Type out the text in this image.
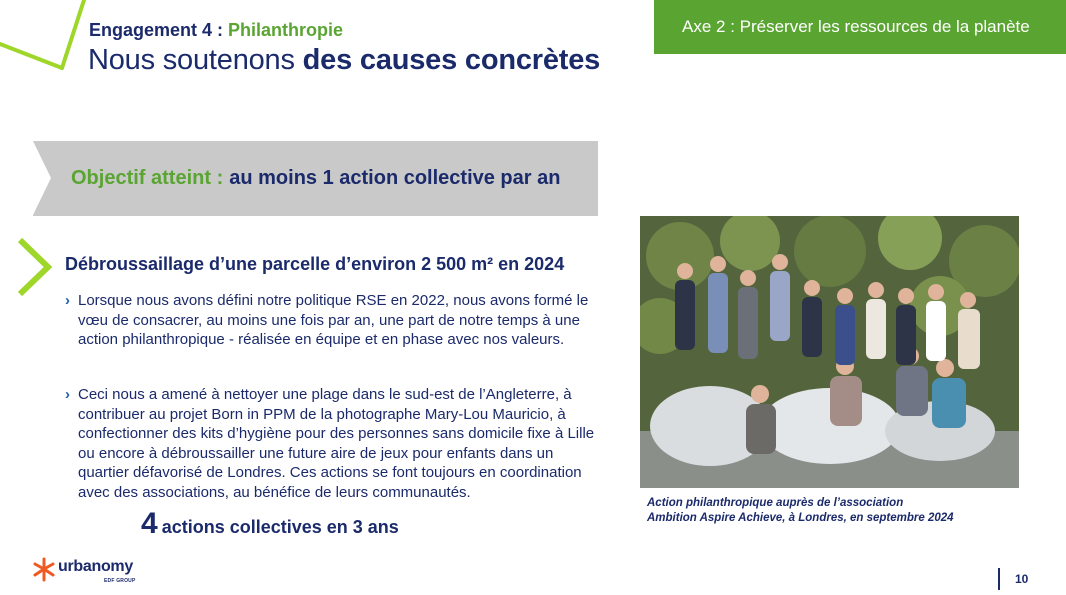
Engagement 4 : Philanthropie
Nous soutenons des causes concrètes
Axe 2 : Préserver les ressources de la planète
Objectif atteint : au moins 1 action collective par an
Débroussaillage d’une parcelle d’environ 2 500 m² en 2024
› Lorsque nous avons défini notre politique RSE en 2022, nous avons formé le vœu de consacrer, au moins une fois par an, une part de notre temps à une action philanthropique - réalisée en équipe et en phase avec nos valeurs.
› Ceci nous a amené à nettoyer une plage dans le sud-est de l’Angleterre, à contribuer au projet Born in PPM de la photographe Mary-Lou Mauricio, à confectionner des kits d’hygiène pour des personnes sans domicile fixe à Lille ou encore à débroussailler une future aire de jeux pour enfants dans un quartier défavorisé de Londres. Ces actions se font toujours en coordination avec des associations, au bénéfice de leurs communautés.
4 actions collectives en 3 ans
Action philanthropique auprès de l’association
Ambition Aspire Achieve, à Londres, en septembre 2024
urbanomy
EDF GROUP	10
